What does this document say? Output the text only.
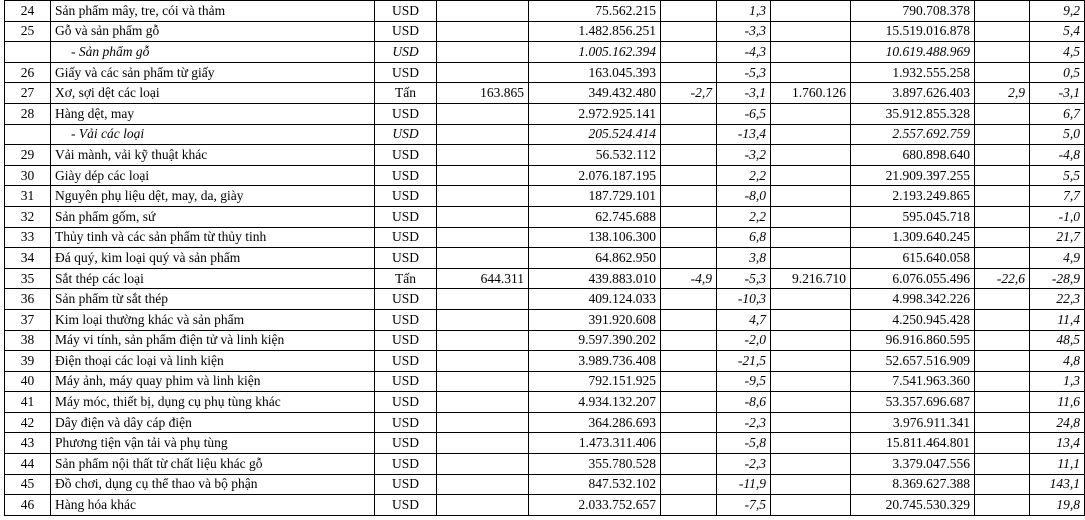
24	Sản phẩm mây, tre, cói và thảm	USD		75.562.215		1,3		790.708.378		9,2
25	Gỗ và sản phẩm gỗ	USD		1.482.856.251		-3,3		15.519.016.878		5,4
	- Sản phẩm gỗ	USD		1.005.162.394		-4,3		10.619.488.969		4,5
26	Giấy và các sản phẩm từ giấy	USD		163.045.393		-5,3		1.932.555.258		0,5
27	Xơ, sợi dệt các loại	Tấn	163.865	349.432.480	-2,7	-3,1	1.760.126	3.897.626.403	2,9	-3,1
28	Hàng dệt, may	USD		2.972.925.141		-6,5		35.912.855.328		6,7
	- Vải các loại	USD		205.524.414		-13,4		2.557.692.759		5,0
29	Vải mành, vải kỹ thuật khác	USD		56.532.112		-3,2		680.898.640		-4,8
30	Giày dép các loại	USD		2.076.187.195		2,2		21.909.397.255		5,5
31	Nguyên phụ liệu dệt, may, da, giày	USD		187.729.101		-8,0		2.193.249.865		7,7
32	Sản phẩm gốm, sứ	USD		62.745.688		2,2		595.045.718		-1,0
33	Thủy tinh và các sản phẩm từ thủy tinh	USD		138.106.300		6,8		1.309.640.245		21,7
34	Đá quý, kim loại quý và sản phẩm	USD		64.862.950		3,8		615.640.058		4,9
35	Sắt thép các loại	Tấn	644.311	439.883.010	-4,9	-5,3	9.216.710	6.076.055.496	-22,6	-28,9
36	Sản phẩm từ sắt thép	USD		409.124.033		-10,3		4.998.342.226		22,3
37	Kim loại thường khác và sản phẩm	USD		391.920.608		4,7		4.250.945.428		11,4
38	Máy vi tính, sản phẩm điện tử và linh kiện	USD		9.597.390.202		-2,0		96.916.860.595		48,5
39	Điện thoại các loại và linh kiện	USD		3.989.736.408		-21,5		52.657.516.909		4,8
40	Máy ảnh, máy quay phim và linh kiện	USD		792.151.925		-9,5		7.541.963.360		1,3
41	Máy móc, thiết bị, dụng cụ phụ tùng khác	USD		4.934.132.207		-8,6		53.357.696.687		11,6
42	Dây điện và dây cáp điện	USD		364.286.693		-2,3		3.976.911.341		24,8
43	Phương tiện vận tải và phụ tùng	USD		1.473.311.406		-5,8		15.811.464.801		13,4
44	Sản phẩm nội thất từ chất liệu khác gỗ	USD		355.780.528		-2,3		3.379.047.556		11,1
45	Đồ chơi, dụng cụ thể thao và bộ phận	USD		847.532.102		-11,9		8.369.627.388		143,1
46	Hàng hóa khác	USD		2.033.752.657		-7,5		20.745.530.329		19,8
